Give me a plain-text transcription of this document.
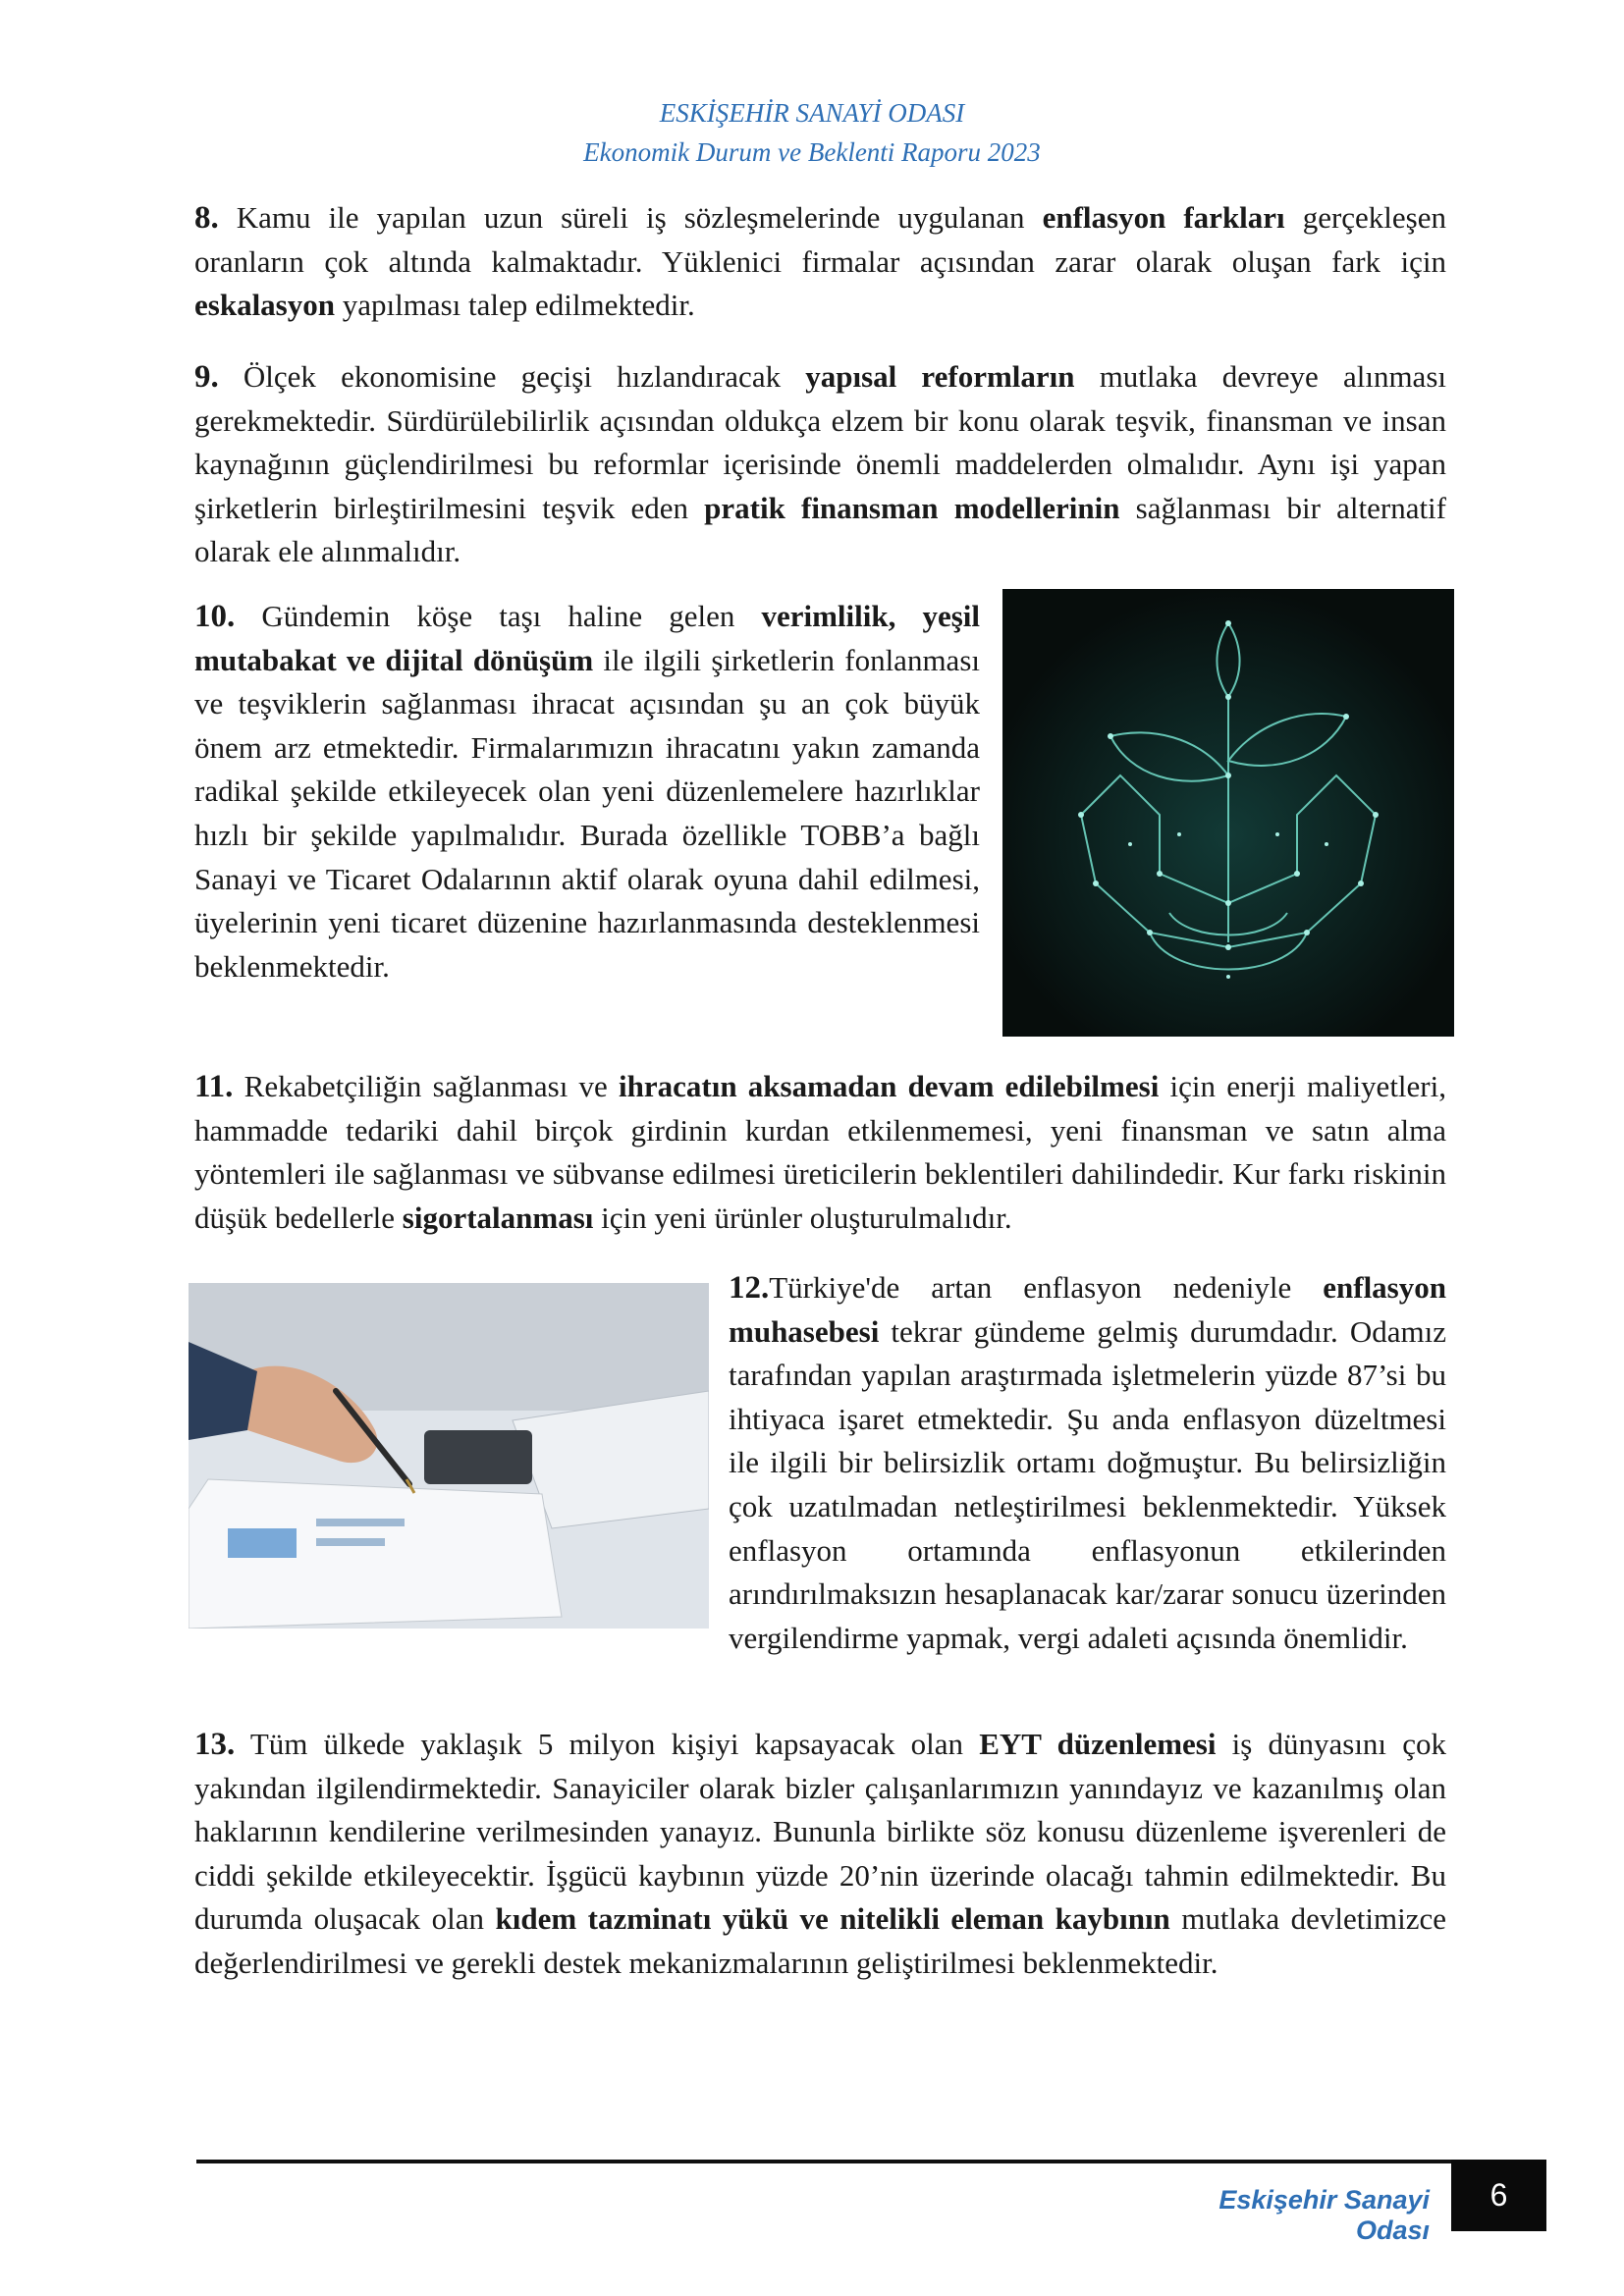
ESKİŞEHİR SANAYİ ODASI
Ekonomik Durum ve Beklenti Raporu 2023

8. Kamu ile yapılan uzun süreli iş sözleşmelerinde uygulanan enflasyon farkları gerçekleşen oranların çok altında kalmaktadır. Yüklenici firmalar açısından zarar olarak oluşan fark için eskalasyon yapılması talep edilmektedir.

9. Ölçek ekonomisine geçişi hızlandıracak yapısal reformların mutlaka devreye alınması gerekmektedir. Sürdürülebilirlik açısından oldukça elzem bir konu olarak teşvik, finansman ve insan kaynağının güçlendirilmesi bu reformlar içerisinde önemli maddelerden olmalıdır. Aynı işi yapan şirketlerin birleştirilmesini teşvik eden pratik finansman modellerinin sağlanması bir alternatif olarak ele alınmalıdır.

10. Gündemin köşe taşı haline gelen verimlilik, yeşil mutabakat ve dijital dönüşüm ile ilgili şirketlerin fonlanması ve teşviklerin sağlanması ihracat açısından şu an çok büyük önem arz etmektedir. Firmalarımızın ihracatını yakın zamanda radikal şekilde etkileyecek olan yeni düzenlemelere hazırlıklar hızlı bir şekilde yapılmalıdır. Burada özellikle TOBB’a bağlı Sanayi ve Ticaret Odalarının aktif olarak oyuna dahil edilmesi, üyelerinin yeni ticaret düzenine hazırlanmasında desteklenmesi beklenmektedir.

11. Rekabetçiliğin sağlanması ve ihracatın aksamadan devam edilebilmesi için enerji maliyetleri, hammadde tedariki dahil birçok girdinin kurdan etkilenmemesi, yeni finansman ve satın alma yöntemleri ile sağlanması ve sübvanse edilmesi üreticilerin beklentileri dahilindedir. Kur farkı riskinin düşük bedellerle sigortalanması için yeni ürünler oluşturulmalıdır.

12.Türkiye'de artan enflasyon nedeniyle enflasyon muhasebesi tekrar gündeme gelmiş durumdadır. Odamız tarafından yapılan araştırmada işletmelerin yüzde 87’si bu ihtiyaca işaret etmektedir. Şu anda enflasyon düzeltmesi ile ilgili bir belirsizlik ortamı doğmuştur. Bu belirsizliğin çok uzatılmadan netleştirilmesi beklenmektedir. Yüksek enflasyon ortamında enflasyonun etkilerinden arındırılmaksızın hesaplanacak kar/zarar sonucu üzerinden vergilendirme yapmak, vergi adaleti açısında önemlidir.

13. Tüm ülkede yaklaşık 5 milyon kişiyi kapsayacak olan EYT düzenlemesi iş dünyasını çok yakından ilgilendirmektedir. Sanayiciler olarak bizler çalışanlarımızın yanındayız ve kazanılmış olan haklarının kendilerine verilmesinden yanayız. Bununla birlikte söz konusu düzenleme işverenleri de ciddi şekilde etkileyecektir. İşgücü kaybının yüzde 20’nin üzerinde olacağı tahmin edilmektedir. Bu durumda oluşacak olan kıdem tazminatı yükü ve nitelikli eleman kaybının mutlaka devletimizce değerlendirilmesi ve gerekli destek mekanizmalarının geliştirilmesi beklenmektedir.

Eskişehir Sanayi Odası
6
